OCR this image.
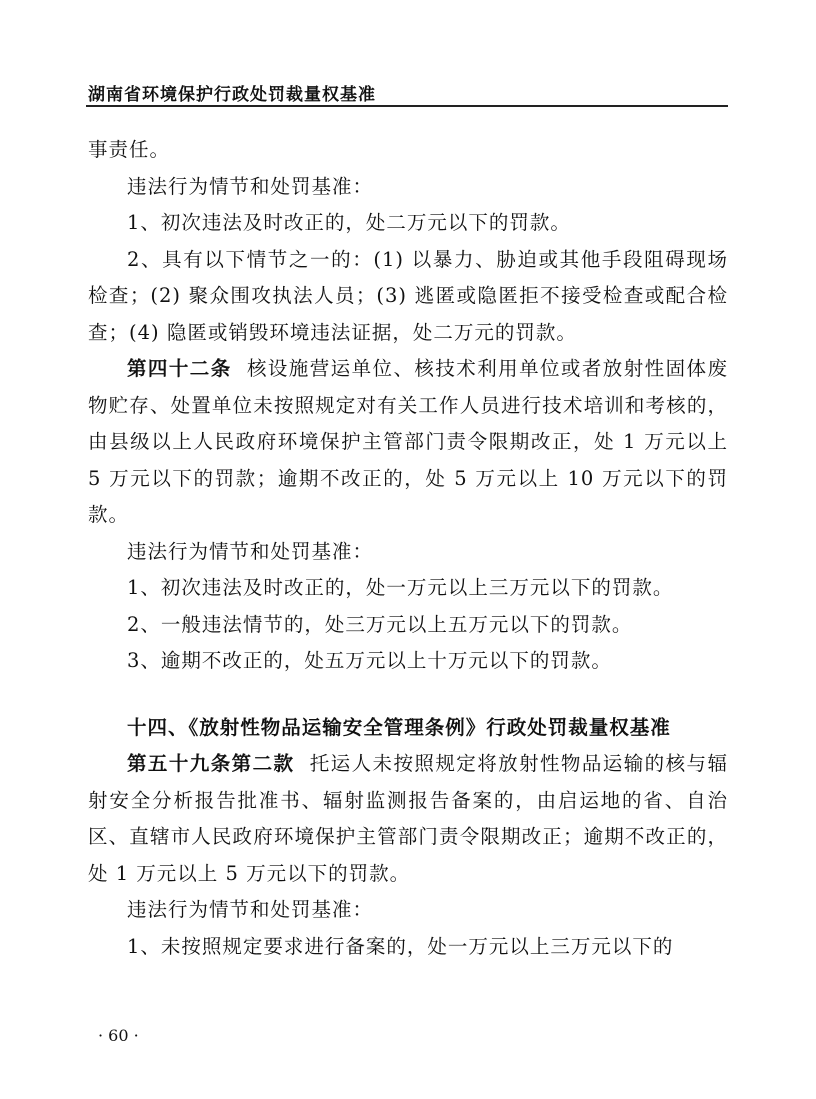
湖南省环境保护行政处罚裁量权基准

事责任。

违法行为情节和处罚基准：

1、初次违法及时改正的，处二万元以下的罚款。

2、具有以下情节之一的：(1) 以暴力、胁迫或其他手段阻碍现场检查；(2) 聚众围攻执法人员；(3) 逃匿或隐匿拒不接受检查或配合检查；(4) 隐匿或销毁环境违法证据，处二万元的罚款。

第四十二条 核设施营运单位、核技术利用单位或者放射性固体废物贮存、处置单位未按照规定对有关工作人员进行技术培训和考核的，由县级以上人民政府环境保护主管部门责令限期改正，处 1 万元以上 5 万元以下的罚款；逾期不改正的，处 5 万元以上 10 万元以下的罚款。

违法行为情节和处罚基准：

1、初次违法及时改正的，处一万元以上三万元以下的罚款。

2、一般违法情节的，处三万元以上五万元以下的罚款。

3、逾期不改正的，处五万元以上十万元以下的罚款。

十四、《放射性物品运输安全管理条例》行政处罚裁量权基准

第五十九条第二款 托运人未按照规定将放射性物品运输的核与辐射安全分析报告批准书、辐射监测报告备案的，由启运地的省、自治区、直辖市人民政府环境保护主管部门责令限期改正；逾期不改正的，处 1 万元以上 5 万元以下的罚款。

违法行为情节和处罚基准：

1、未按照规定要求进行备案的，处一万元以上三万元以下的

· 60 ·
